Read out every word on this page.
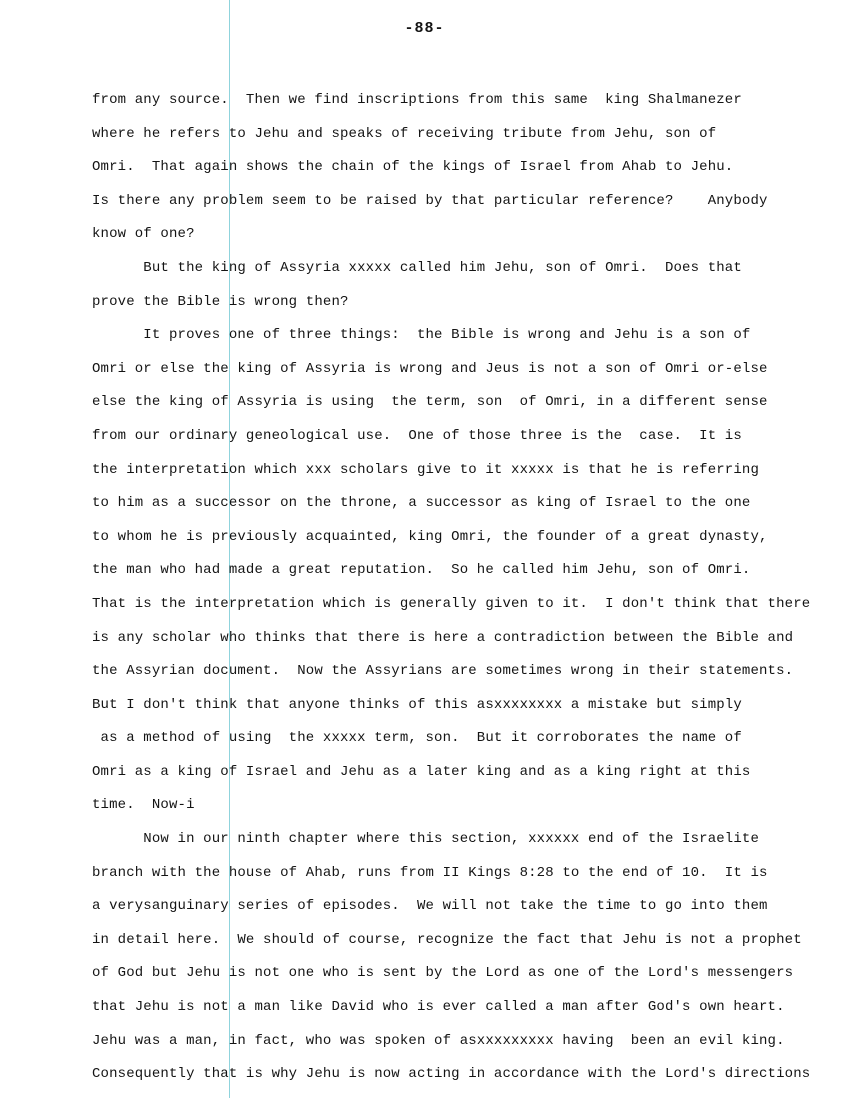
-88-
from any source.  Then we find inscriptions from this same  king Shalmanezer
where he refers to Jehu and speaks of receiving tribute from Jehu, son of
Omri.  That again shows the chain of the kings of Israel from Ahab to Jehu.
Is there any problem seem to be raised by that particular reference?    Anybody
know of one?
But the king of Assyria xxxxx called him Jehu, son of Omri.  Does that
prove the Bible is wrong then?
It proves one of three things:  the Bible is wrong and Jehu is a son of
Omri or else the king of Assyria is wrong and Jeus is not a son of Omri or-else
else the king of Assyria is using  the term, son  of Omri, in a different sense
from our ordinary geneological use.  One of those three is the  case.  It is
the interpretation which xxx scholars give to it xxxxx is that he is referring
to him as a successor on the throne, a successor as king of Israel to the one
to whom he is previously acquainted, king Omri, the founder of a great dynasty,
the man who had made a great reputation.  So he called him Jehu, son of Omri.
That is the interpretation which is generally given to it.  I don't think that there
is any scholar who thinks that there is here a contradiction between the Bible and
the Assyrian document.  Now the Assyrians are sometimes wrong in their statements.
But I don't think that anyone thinks of this asxxxxxxxx a mistake but simply
as a method of using  the xxxxx term, son.  But it corroborates the name of
Omri as a king of Israel and Jehu as a later king and as a king right at this
time.  Now-i
Now in our ninth chapter where this section, xxxxxx end of the Israelite
branch with the house of Ahab, runs from II Kings 8:28 to the end of 10.  It is
a verysanguinary series of episodes.  We will not take the time to go into them
in detail here.  We should of course, recognize the fact that Jehu is not a prophet
of God but Jehu is not one who is sent by the Lord as one of the Lord's messengers
that Jehu is not a man like David who is ever called a man after God's own heart.
Jehu was a man, in fact, who was spoken of asxxxxxxxxx having  been an evil king.
Consequently that is why Jehu is now acting in accordance with the Lord's directions
